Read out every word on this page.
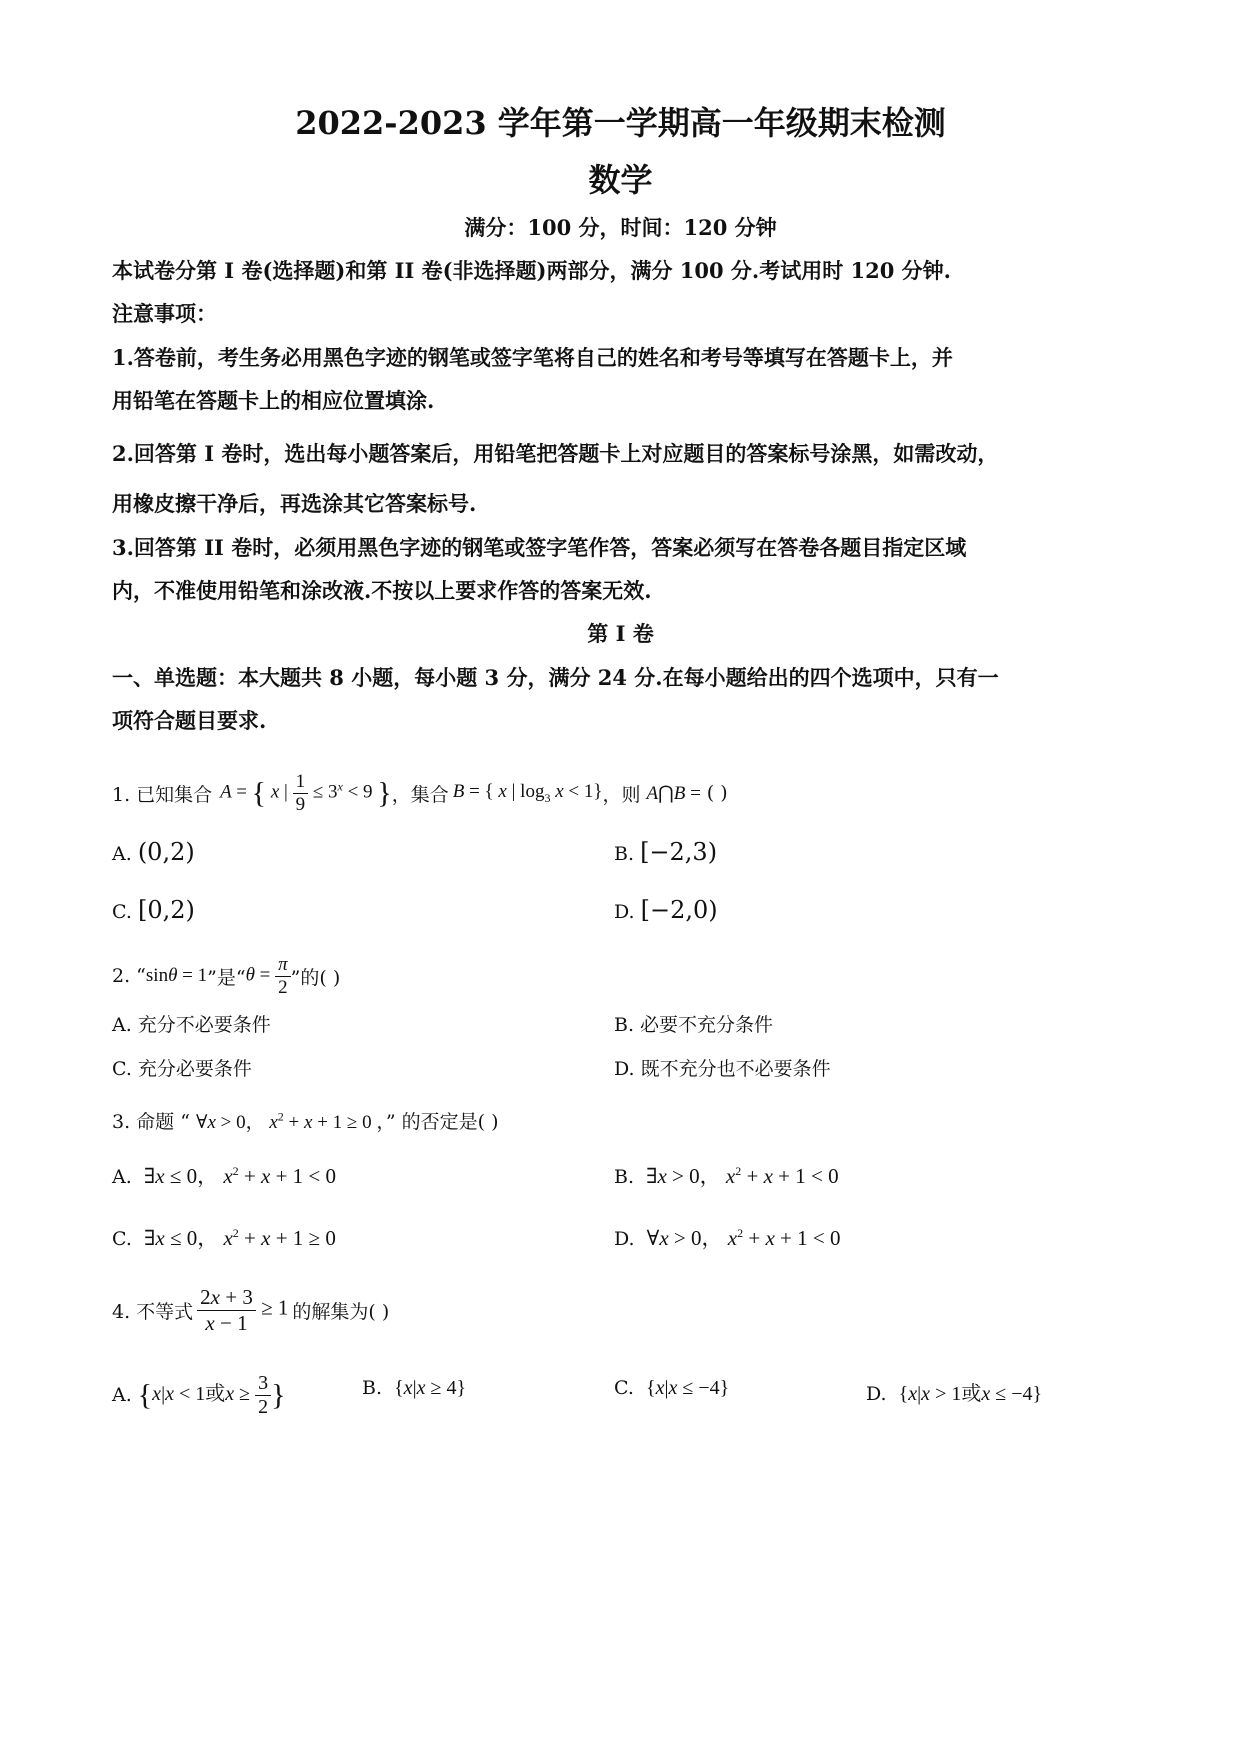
2022-2023 学年第一学期高一年级期末检测
数学
满分：100 分，时间：120 分钟
本试卷分第 I 卷(选择题)和第 II 卷(非选择题)两部分，满分 100 分.考试用时 120 分钟.
注意事项：
1.答卷前，考生务必用黑色字迹的钢笔或签字笔将自己的姓名和考号等填写在答题卡上，并
用铅笔在答题卡上的相应位置填涂.
2.回答第 I 卷时，选出每小题答案后，用铅笔把答题卡上对应题目的答案标号涂黑，如需改动，
用橡皮擦干净后，再选涂其它答案标号.
3.回答第 II 卷时，必须用黑色字迹的钢笔或签字笔作答，答案必须写在答卷各题目指定区域
内，不准使用铅笔和涂改液.不按以上要求作答的答案无效.
第 I 卷
一、单选题：本大题共 8 小题，每小题 3 分，满分 24 分.在每小题给出的四个选项中，只有一
项符合题目要求.
1. 已知集合 A = { x | $\frac{1}{9} \le 3^x < 9$ } ，集合 B = { x | $\log_3 x < 1$} ，则 A⋂B = ( )
A. (0,2)	B. [−2,3)
C. [0,2)	D. [−2,0)
2. “ sinθ = 1 ”是“ $\theta = \frac{\pi}{2}$ ”的( )
A. 充分不必要条件	B. 必要不充分条件
C. 充分必要条件	D. 既不充分也不必要条件
3. 命题 “ ∀x > 0， $x^2 + x + 1 \ge 0$ ，” 的否定是( )
A. ∃x ≤ 0， $x^2 + x + 1 < 0$	B. ∃x > 0， $x^2 + x + 1 < 0$
C. ∃x ≤ 0， $x^2 + x + 1 \ge 0$	D. ∀x > 0， $x^2 + x + 1 < 0$
4. 不等式 $\frac{2x + 3}{x - 1} \ge 1$ 的解集为( )
A. {x|x < 1或$x \ge \frac{3}{2}$ }	B. {x|x ≥ 4}	C. {x|x ≤ −4}	D. {x|x > 1或x ≤ −4}
